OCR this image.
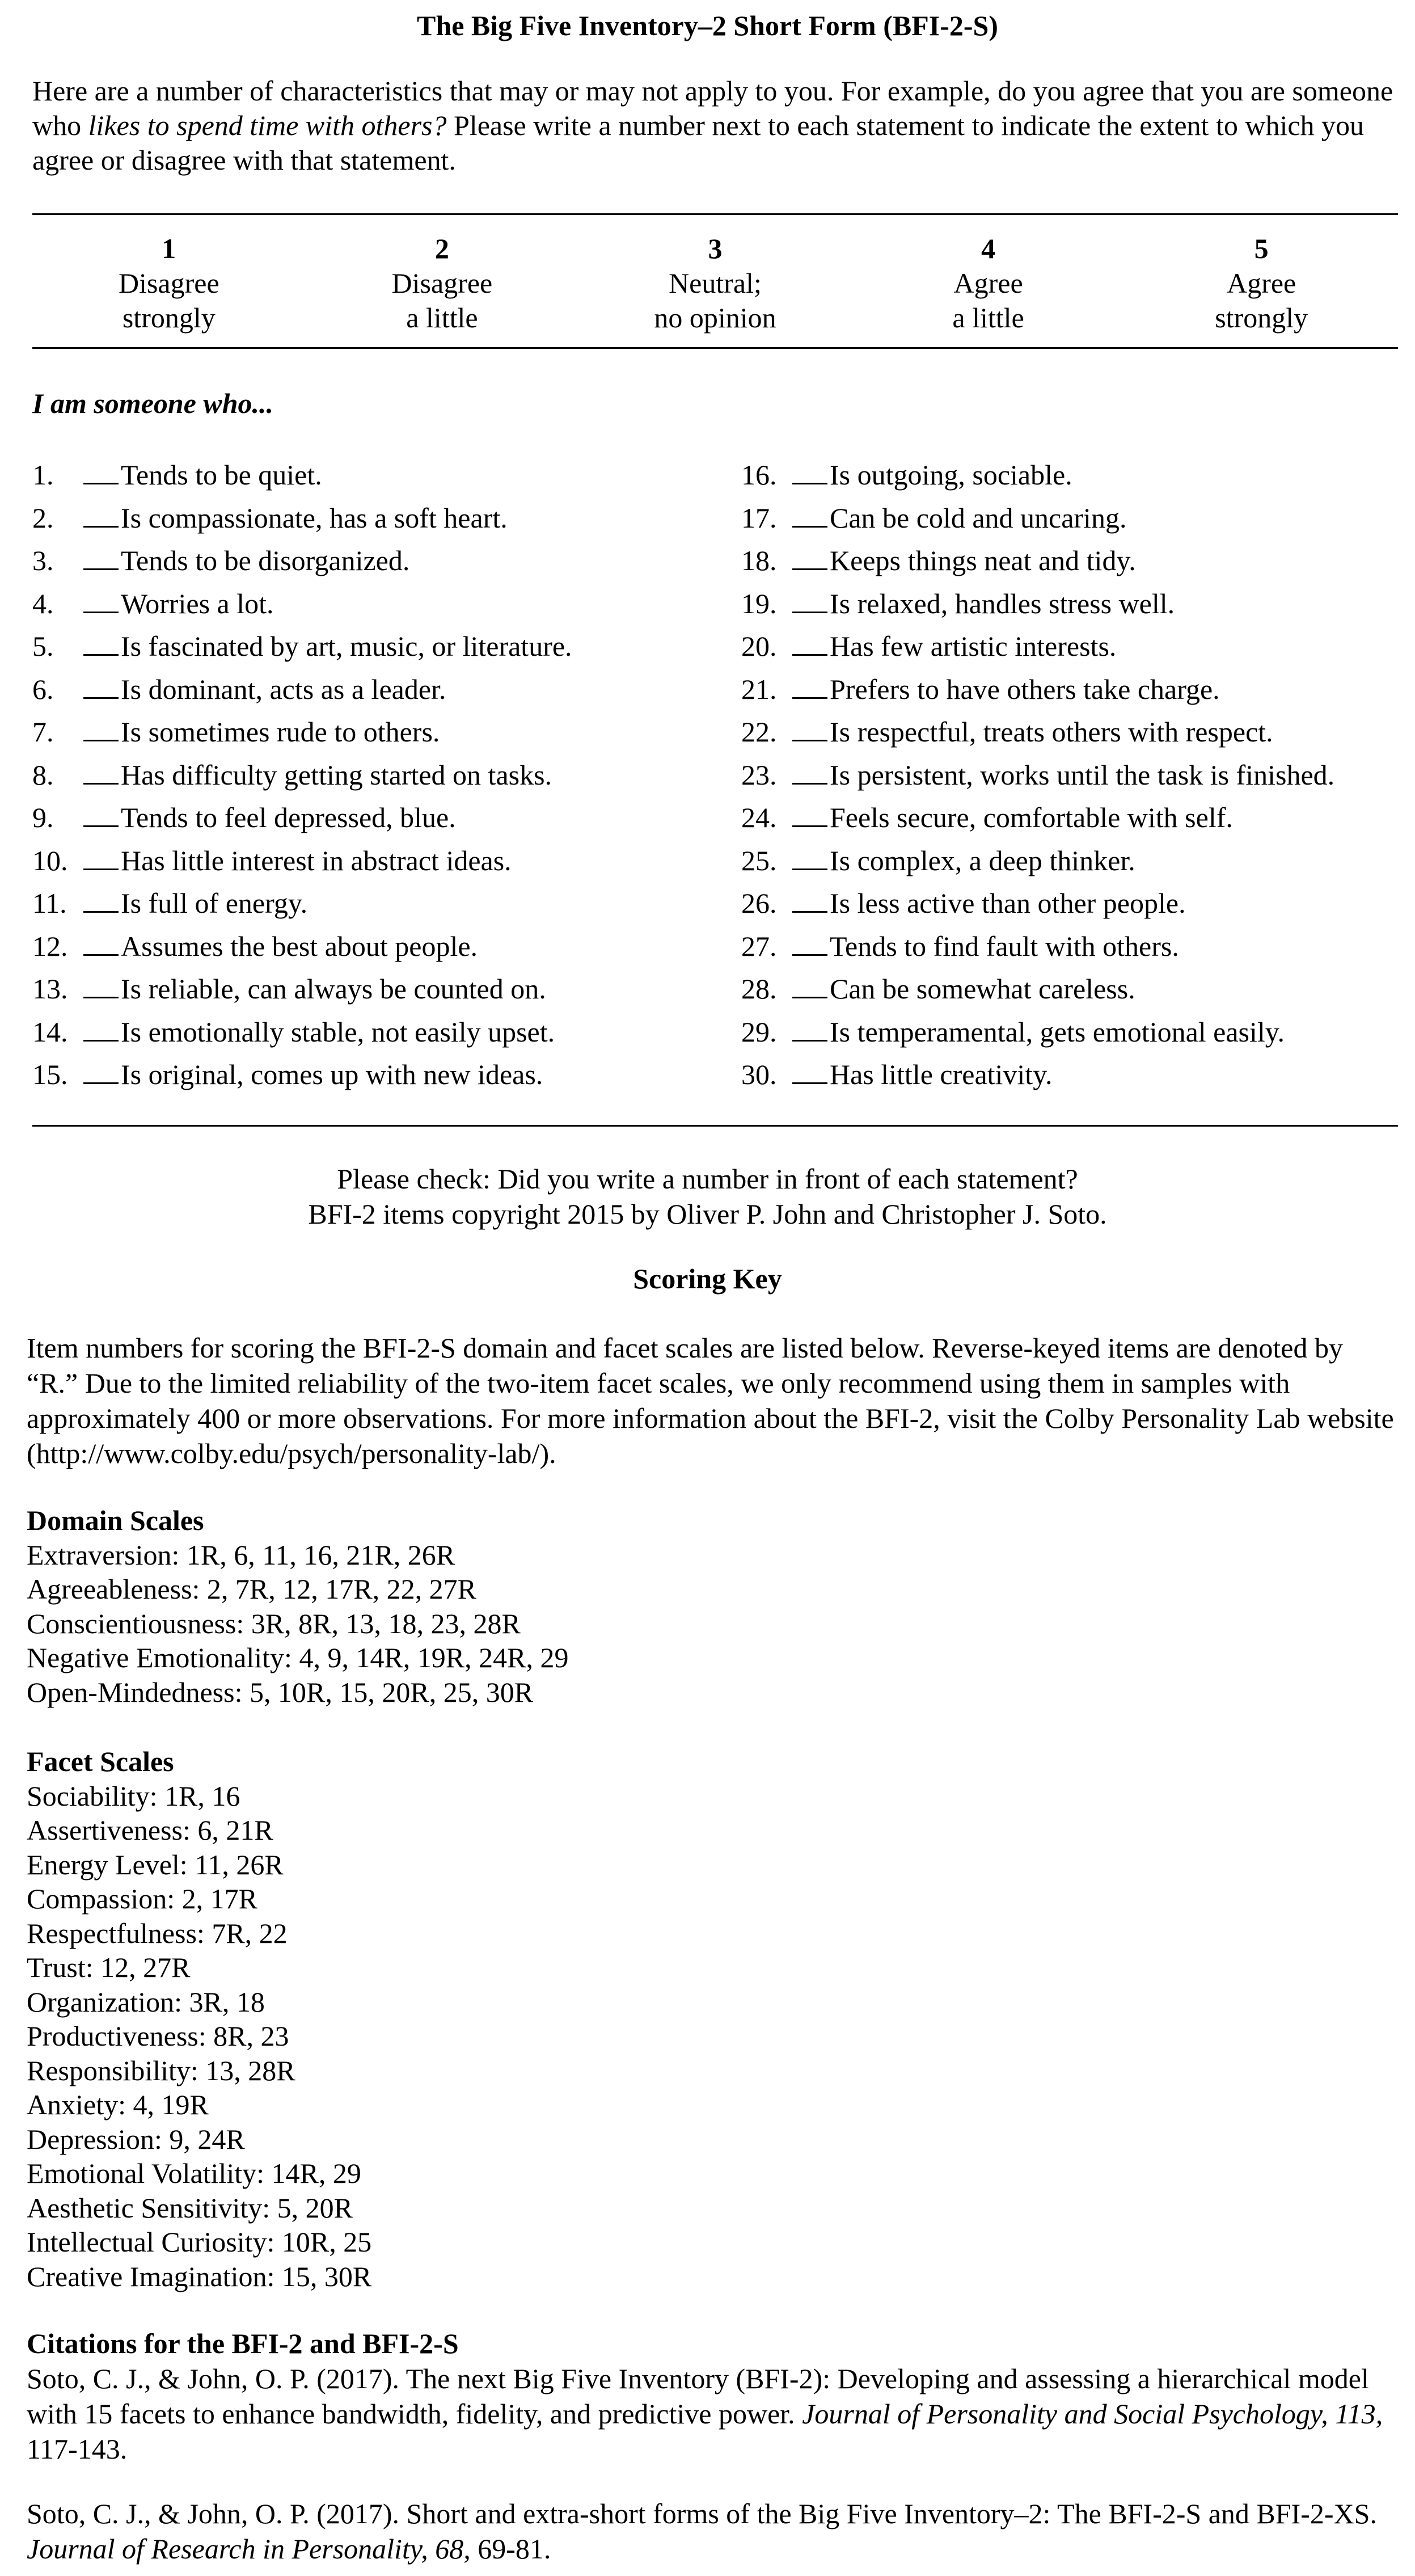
The Big Five Inventory–2 Short Form (BFI-2-S)
Here are a number of characteristics that may or may not apply to you. For example, do you agree that you are someone who likes to spend time with others? Please write a number next to each statement to indicate the extent to which you agree or disagree with that statement.
1
Disagree
strongly
2
Disagree
a little
3
Neutral;
no opinion
4
Agree
a little
5
Agree
strongly
I am someone who...
1. Tends to be quiet.
2. Is compassionate, has a soft heart.
3. Tends to be disorganized.
4. Worries a lot.
5. Is fascinated by art, music, or literature.
6. Is dominant, acts as a leader.
7. Is sometimes rude to others.
8. Has difficulty getting started on tasks.
9. Tends to feel depressed, blue.
10. Has little interest in abstract ideas.
11. Is full of energy.
12. Assumes the best about people.
13. Is reliable, can always be counted on.
14. Is emotionally stable, not easily upset.
15. Is original, comes up with new ideas.
16. Is outgoing, sociable.
17. Can be cold and uncaring.
18. Keeps things neat and tidy.
19. Is relaxed, handles stress well.
20. Has few artistic interests.
21. Prefers to have others take charge.
22. Is respectful, treats others with respect.
23. Is persistent, works until the task is finished.
24. Feels secure, comfortable with self.
25. Is complex, a deep thinker.
26. Is less active than other people.
27. Tends to find fault with others.
28. Can be somewhat careless.
29. Is temperamental, gets emotional easily.
30. Has little creativity.
Please check: Did you write a number in front of each statement?
BFI-2 items copyright 2015 by Oliver P. John and Christopher J. Soto.
Scoring Key
Item numbers for scoring the BFI-2-S domain and facet scales are listed below. Reverse-keyed items are denoted by “R.” Due to the limited reliability of the two-item facet scales, we only recommend using them in samples with approximately 400 or more observations. For more information about the BFI-2, visit the Colby Personality Lab website (http://www.colby.edu/psych/personality-lab/).
Domain Scales
Extraversion: 1R, 6, 11, 16, 21R, 26R
Agreeableness: 2, 7R, 12, 17R, 22, 27R
Conscientiousness: 3R, 8R, 13, 18, 23, 28R
Negative Emotionality: 4, 9, 14R, 19R, 24R, 29
Open-Mindedness: 5, 10R, 15, 20R, 25, 30R
Facet Scales
Sociability: 1R, 16
Assertiveness: 6, 21R
Energy Level: 11, 26R
Compassion: 2, 17R
Respectfulness: 7R, 22
Trust: 12, 27R
Organization: 3R, 18
Productiveness: 8R, 23
Responsibility: 13, 28R
Anxiety: 4, 19R
Depression: 9, 24R
Emotional Volatility: 14R, 29
Aesthetic Sensitivity: 5, 20R
Intellectual Curiosity: 10R, 25
Creative Imagination: 15, 30R
Citations for the BFI-2 and BFI-2-S
Soto, C. J., & John, O. P. (2017). The next Big Five Inventory (BFI-2): Developing and assessing a hierarchical model with 15 facets to enhance bandwidth, fidelity, and predictive power. Journal of Personality and Social Psychology, 113, 117-143.
Soto, C. J., & John, O. P. (2017). Short and extra-short forms of the Big Five Inventory–2: The BFI-2-S and BFI-2-XS. Journal of Research in Personality, 68, 69-81.
